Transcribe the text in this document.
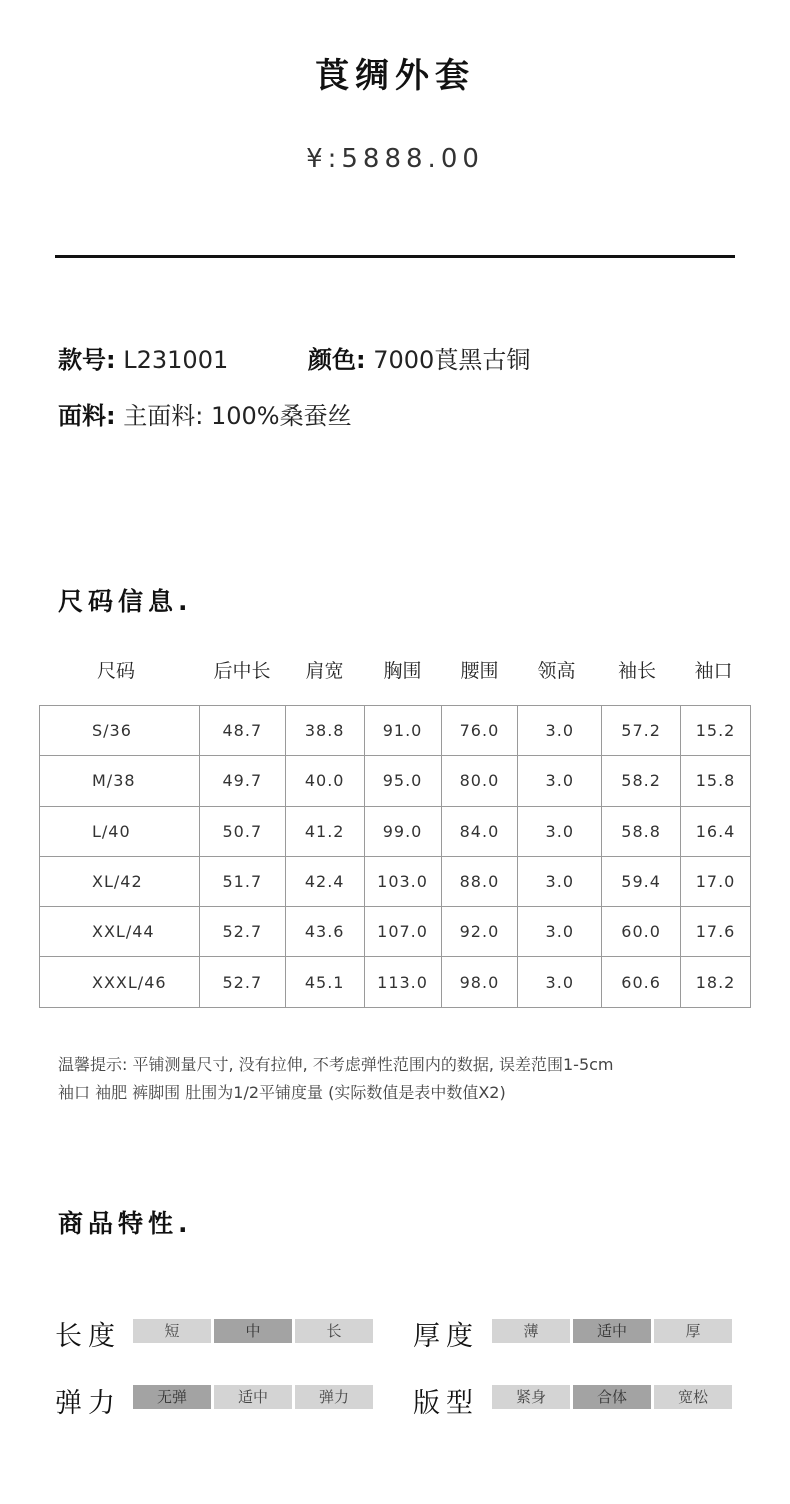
莨绸外套
¥:5888.00
款号: L231001	颜色: 7000莨黑古铜
面料: 主面料: 100%桑蚕丝
尺码信息.
尺码	后中长	肩宽	胸围	腰围	领高	袖长	袖口
S/36	48.7	38.8	91.0	76.0	3.0	57.2	15.2
M/38	49.7	40.0	95.0	80.0	3.0	58.2	15.8
L/40	50.7	41.2	99.0	84.0	3.0	58.8	16.4
XL/42	51.7	42.4	103.0	88.0	3.0	59.4	17.0
XXL/44	52.7	43.6	107.0	92.0	3.0	60.0	17.6
XXXL/46	52.7	45.1	113.0	98.0	3.0	60.6	18.2
温馨提示: 平铺测量尺寸, 没有拉伸, 不考虑弹性范围内的数据, 误差范围1-5cm
袖口 袖肥 裤脚围 肚围为1/2平铺度量 (实际数值是表中数值X2)
商品特性.
长度	短	中	长	厚度	薄	适中	厚
弹力	无弹	适中	弹力	版型	紧身	合体	宽松
